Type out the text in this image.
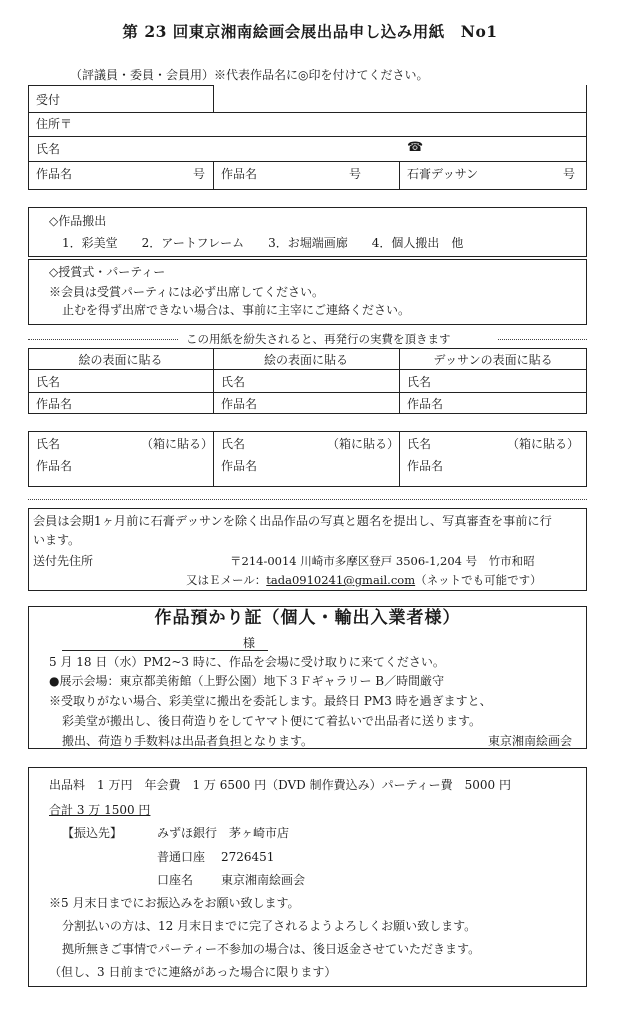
第 23 回東京湘南絵画会展出品申し込み用紙　No1
（評議員・委員・会員用）※代表作品名に◎印を付けてください。
受付
住所〒
氏名	☎
作品名	号 作品名	号	石膏デッサン	号
◇作品搬出
1．彩美堂　　2．アートフレーム　　3．お堀端画廊　　4．個人搬出　他
◇授賞式・パーティー
※会員は受賞パーティには必ず出席してください。
止むを得ず出席できない場合は、事前に主宰にご連絡ください。
この用紙を紛失されると、再発行の実費を頂きます
絵の表面に貼る	絵の表面に貼る	デッサンの表面に貼る
氏名	氏名	氏名
作品名	作品名	作品名
氏名	（箱に貼る）
作品名
氏名	（箱に貼る）
作品名
氏名	（箱に貼る）
作品名
会員は会期1ヶ月前に石膏デッサンを除く出品作品の写真と題名を提出し、写真審査を事前に行
います。
送付先住所	〒214-0014 川崎市多摩区登戸 3506-1,204 号　竹市和昭
又はＥメール：tada0910241@gmail.com（ネットでも可能です）
作品預かり証（個人・輸出入業者様）
様
5 月 18 日（水）PM2~3 時に、作品を会場に受け取りに来てください。
●展示会場：東京都美術館（上野公園）地下３Ｆギャラリー B／時間厳守
※受取りがない場合、彩美堂に搬出を委託します。最終日 PM3 時を過ぎますと、
彩美堂が搬出し、後日荷造りをしてヤマト便にて着払いで出品者に送ります。
搬出、荷造り手数料は出品者負担となります。	東京湘南絵画会
出品料　1 万円　年会費　1 万 6500 円（DVD 制作費込み）パーティー費　5000 円
合計 3 万 1500 円
【振込先】	みずほ銀行　茅ヶ崎市店
普通口座 2726451
口座名 東京湘南絵画会
※5 月末日までにお振込みをお願い致します。
分割払いの方は、12 月末日までに完了されるようよろしくお願い致します。
拠所無きご事情でパーティー不参加の場合は、後日返金させていただきます。
（但し、3 日前までに連絡があった場合に限ります）
